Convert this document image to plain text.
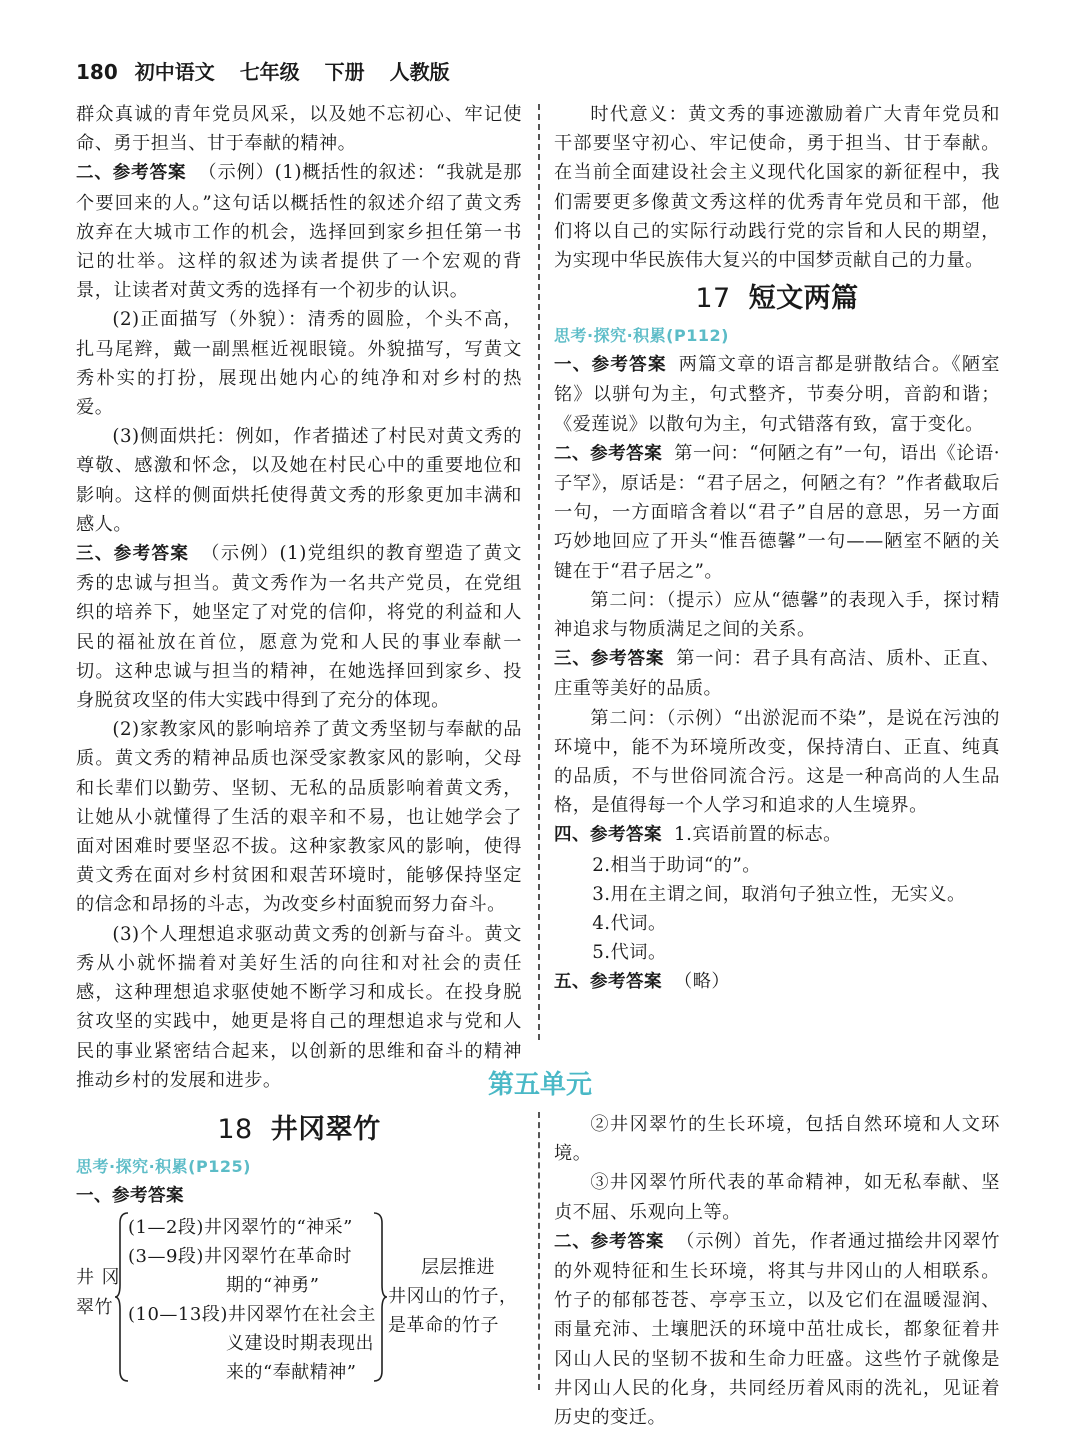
180 初中语文 七年级 下册 人教版

群众真诚的青年党员风采，以及她不忘初心、牢记使命、勇于担当、甘于奉献的精神。

二、参考答案 （示例）(1)概括性的叙述：“我就是那个要回来的人。”这句话以概括性的叙述介绍了黄文秀放弃在大城市工作的机会，选择回到家乡担任第一书记的壮举。这样的叙述为读者提供了一个宏观的背景，让读者对黄文秀的选择有一个初步的认识。

(2)正面描写（外貌）：清秀的圆脸，个头不高，扎马尾辫，戴一副黑框近视眼镜。外貌描写，写黄文秀朴实的打扮，展现出她内心的纯净和对乡村的热爱。

(3)侧面烘托：例如，作者描述了村民对黄文秀的尊敬、感激和怀念，以及她在村民心中的重要地位和影响。这样的侧面烘托使得黄文秀的形象更加丰满和感人。

三、参考答案 （示例）(1)党组织的教育塑造了黄文秀的忠诚与担当。黄文秀作为一名共产党员，在党组织的培养下，她坚定了对党的信仰，将党的利益和人民的福祉放在首位，愿意为党和人民的事业奉献一切。这种忠诚与担当的精神，在她选择回到家乡、投身脱贫攻坚的伟大实践中得到了充分的体现。

(2)家教家风的影响培养了黄文秀坚韧与奉献的品质。黄文秀的精神品质也深受家教家风的影响，父母和长辈们以勤劳、坚韧、无私的品质影响着黄文秀，让她从小就懂得了生活的艰辛和不易，也让她学会了面对困难时要坚忍不拔。这种家教家风的影响，使得黄文秀在面对乡村贫困和艰苦环境时，能够保持坚定的信念和昂扬的斗志，为改变乡村面貌而努力奋斗。

(3)个人理想追求驱动黄文秀的创新与奋斗。黄文秀从小就怀揣着对美好生活的向往和对社会的责任感，这种理想追求驱使她不断学习和成长。在投身脱贫攻坚的实践中，她更是将自己的理想追求与党和人民的事业紧密结合起来，以创新的思维和奋斗的精神推动乡村的发展和进步。

时代意义：黄文秀的事迹激励着广大青年党员和干部要坚守初心、牢记使命，勇于担当、甘于奉献。在当前全面建设社会主义现代化国家的新征程中，我们需要更多像黄文秀这样的优秀青年党员和干部，他们将以自己的实际行动践行党的宗旨和人民的期望，为实现中华民族伟大复兴的中国梦贡献自己的力量。

17 短文两篇
思考·探究·积累(P112)

一、参考答案 两篇文章的语言都是骈散结合。《陋室铭》以骈句为主，句式整齐，节奏分明，音韵和谐；《爱莲说》以散句为主，句式错落有致，富于变化。

二、参考答案 第一问：“何陋之有”一句，语出《论语·子罕》，原话是：“君子居之，何陋之有？”作者截取后一句，一方面暗含着以“君子”自居的意思，另一方面巧妙地回应了开头“惟吾德馨”一句——陋室不陋的关键在于“君子居之”。

第二问：（提示）应从“德馨”的表现入手，探讨精神追求与物质满足之间的关系。

三、参考答案 第一问：君子具有高洁、质朴、正直、庄重等美好的品质。

第二问：（示例）“出淤泥而不染”，是说在污浊的环境中，能不为环境所改变，保持清白、正直、纯真的品质，不与世俗同流合污。这是一种高尚的人生品格，是值得每一个人学习和追求的人生境界。

四、参考答案 1.宾语前置的标志。

2.相当于助词“的”。

3.用在主谓之间，取消句子独立性，无实义。

4.代词。

5.代词。

五、参考答案 （略）

第五单元
18 井冈翠竹
思考·探究·积累(P125)

一、参考答案

井冈翠竹

(1—2段)井冈翠竹的“神采”

(3—9段)井冈翠竹在革命时

期的“神勇”

(10—13段)井冈翠竹在社会主

义建设时期表现出

来的“奉献精神”

层层推进
井冈山的竹子，
是革命的竹子

②井冈翠竹的生长环境，包括自然环境和人文环境。

③井冈翠竹所代表的革命精神，如无私奉献、坚贞不屈、乐观向上等。

二、参考答案 （示例）首先，作者通过描绘井冈翠竹的外观特征和生长环境，将其与井冈山的人相联系。竹子的郁郁苍苍、亭亭玉立，以及它们在温暖湿润、雨量充沛、土壤肥沃的环境中茁壮成长，都象征着井冈山人民的坚韧不拔和生命力旺盛。这些竹子就像是井冈山人民的化身，共同经历着风雨的洗礼，见证着历史的变迁。
